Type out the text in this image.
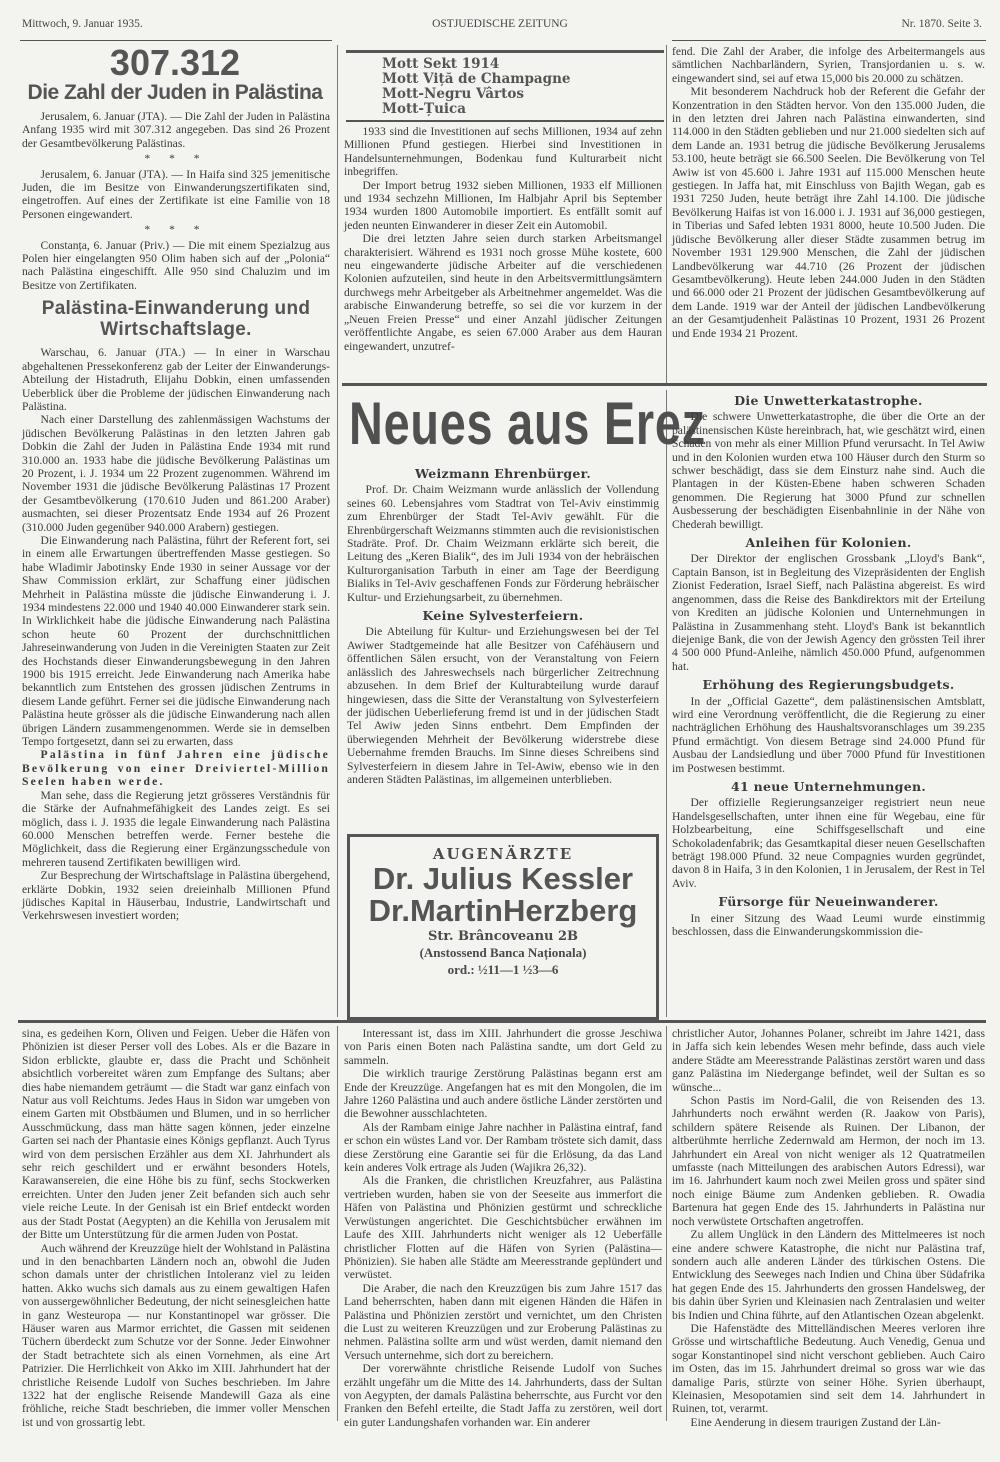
Mittwoch, 9. Januar 1935.	OSTJUEDISCHE ZEITUNG	Nr. 1870. Seite 3.
307.312
Die Zahl der Juden in Palästina
Jerusalem, 6. Januar (JTA). — Die Zahl der Juden in Palästina Anfang 1935 wird mit 307.312 angegeben. Das sind 26 Prozent der Gesamtbevölkerung Palästinas.
* * *
Jerusalem, 6. Januar (JTA). — In Haifa sind 325 jemenitische Juden, die im Besitze von Einwanderungszertifikaten sind, eingetroffen. Auf eines der Zertifikate ist eine Familie von 18 Personen eingewandert.
* * *
Constanța, 6. Januar (Priv.) — Die mit einem Spezialzug aus Polen hier eingelangten 950 Olim haben sich auf der „Polonia“ nach Palästina eingeschifft. Alle 950 sind Chaluzim und im Besitze von Zertifikaten.
Palästina-Einwanderung und Wirtschaftslage.
Warschau, 6. Januar (JTA.) — In einer in Warschau abgehaltenen Pressekonferenz gab der Leiter der Einwanderungs-Abteilung der Histadruth, Elijahu Dobkin, einen umfassenden Ueberblick über die Probleme der jüdischen Einwanderung nach Palästina.
Nach einer Darstellung des zahlenmässigen Wachstums der jüdischen Bevölkerung Palästinas in den letzten Jahren gab Dobkin die Zahl der Juden in Palästina Ende 1934 mit rund 310.000 an. 1933 habe die jüdische Bevölkerung Palästinas um 20 Prozent, i. J. 1934 um 22 Prozent zugenommen. Während im November 1931 die jüdische Bevölkerung Palästinas 17 Prozent der Gesamtbevölkerung (170.610 Juden und 861.200 Araber) ausmachten, sei dieser Prozentsatz Ende 1934 auf 26 Prozent (310.000 Juden gegenüber 940.000 Arabern) gestiegen.
Die Einwanderung nach Palästina, führt der Referent fort, sei in einem alle Erwartungen übertreffenden Masse gestiegen. So habe Wladimir Jabotinsky Ende 1930 in seiner Aussage vor der Shaw Commission erklärt, zur Schaffung einer jüdischen Mehrheit in Palästina müsste die jüdische Einwanderung i. J. 1934 mindestens 22.000 und 1940 40.000 Einwanderer stark sein. In Wirklichkeit habe die jüdische Einwanderung nach Palästina schon heute 60 Prozent der durchschnittlichen Jahreseinwanderung von Juden in die Vereinigten Staaten zur Zeit des Hochstands dieser Einwanderungsbewegung in den Jahren 1900 bis 1915 erreicht. Jede Einwanderung nach Amerika habe bekanntlich zum Entstehen des grossen jüdischen Zentrums in diesem Lande geführt. Ferner sei die jüdische Einwanderung nach Palästina heute grösser als die jüdische Einwanderung nach allen übrigen Ländern zusammengenommen. Werde sie in demselben Tempo fortgesetzt, dann sei zu erwarten, dass
Palästina in fünf Jahren eine jüdische Bevölkerung von einer Dreiviertel-Million Seelen haben werde.
Man sehe, dass die Regierung jetzt grösseres Verständnis für die Stärke der Aufnahmefähigkeit des Landes zeigt. Es sei möglich, dass i. J. 1935 die legale Einwanderung nach Palästina 60.000 Menschen betreffen werde. Ferner bestehe die Möglichkeit, dass die Regierung einer Ergänzungsschedule von mehreren tausend Zertifikaten bewilligen wird.
Zur Besprechung der Wirtschaftslage in Palästina übergehend, erklärte Dobkin, 1932 seien dreieinhalb Millionen Pfund jüdisches Kapital in Häuserbau, Industrie, Landwirtschaft und Verkehrswesen investiert worden;
Mott Sekt 1914
Mott Viță de Champagne
Mott-Negru Vârtos
Mott-Țuica
1933 sind die Investitionen auf sechs Millionen, 1934 auf zehn Millionen Pfund gestiegen. Hierbei sind Investitionen in Handelsunternehmungen, Bodenkau fund Kulturarbeit nicht inbegriffen.
Der Import betrug 1932 sieben Millionen, 1933 elf Millionen und 1934 sechzehn Millionen, Im Halbjahr April bis September 1934 wurden 1800 Automobile importiert. Es entfällt somit auf jeden neunten Einwanderer in dieser Zeit ein Automobil.
Die drei letzten Jahre seien durch starken Arbeitsmangel charakterisiert. Während es 1931 noch grosse Mühe kostete, 600 neu eingewanderte jüdische Arbeiter auf die verschiedenen Kolonien aufzuteilen, sind heute in den Arbeitsvermittlungsämtern durchwegs mehr Arbeitgeber als Arbeitnehmer angemeldet. Was die arabische Einwanderung betreffe, so sei die vor kurzem in der „Neuen Freien Presse“ und einer Anzahl jüdischer Zeitungen veröffentlichte Angabe, es seien 67.000 Araber aus dem Hauran eingewandert, unzutref-
fend. Die Zahl der Araber, die infolge des Arbeitermangels aus sämtlichen Nachbarländern, Syrien, Transjordanien u. s. w. eingewandert sind, sei auf etwa 15,000 bis 20.000 zu schätzen.
Mit besonderem Nachdruck hob der Referent die Gefahr der Konzentration in den Städten hervor. Von den 135.000 Juden, die in den letzten drei Jahren nach Palästina einwanderten, sind 114.000 in den Städten geblieben und nur 21.000 siedelten sich auf dem Lande an. 1931 betrug die jüdische Bevölkerung Jerusalems 53.100, heute beträgt sie 66.500 Seelen. Die Bevölkerung von Tel Awiw ist von 45.600 i. Jahre 1931 auf 115.000 Menschen heute gestiegen. In Jaffa hat, mit Einschluss von Bajith Wegan, gab es 1931 7250 Juden, heute beträgt ihre Zahl 14.100. Die jüdische Bevölkerung Haifas ist von 16.000 i. J. 1931 auf 36,000 gestiegen, in Tiberias und Safed lebten 1931 8000, heute 10.500 Juden. Die jüdische Bevölkerung aller dieser Städte zusammen betrug im November 1931 129.900 Menschen, die Zahl der jüdischen Landbevölkerung war 44.710 (26 Prozent der jüdischen Gesamtbevölkerung). Heute leben 244.000 Juden in den Städten und 66.000 oder 21 Prozent der jüdischen Gesamtbevölkerung auf dem Lande. 1919 war der Anteil der jüdischen Landbevölkerung an der Gesamtjudenheit Palästinas 10 Prozent, 1931 26 Prozent und Ende 1934 21 Prozent.
Neues aus Erez
Weizmann Ehrenbürger.
Prof. Dr. Chaim Weizmann wurde anlässlich der Vollendung seines 60. Lebensjahres vom Stadtrat von Tel-Aviv einstimmig zum Ehrenbürger der Stadt Tel-Aviv gewählt. Für die Ehrenbürgerschaft Weizmanns stimmten auch die revisionistischen Stadräte. Prof. Dr. Chaim Weizmann erklärte sich bereit, die Leitung des „Keren Bialik“, des im Juli 1934 von der hebräischen Kulturorganisation Tarbuth in einer am Tage der Beerdigung Bialiks in Tel-Aviv geschaffenen Fonds zur Förderung hebräischer Kultur- und Erziehungsarbeit, zu übernehmen.
Keine Sylvesterfeiern.
Die Abteilung für Kultur- und Erziehungswesen bei der Tel Awiwer Stadtgemeinde hat alle Besitzer von Caféhäusern und öffentlichen Sälen ersucht, von der Veranstaltung von Feiern anlässlich des Jahreswechsels nach bürgerlicher Zeitrechnung abzusehen. In dem Brief der Kulturabteilung wurde darauf hingewiesen, dass die Sitte der Veranstaltung von Sylvesterfeiern der jüdischen Ueberlieferung fremd ist und in der jüdischen Stadt Tel Awiw jeden Sinns entbehrt. Dem Empfinden der überwiegenden Mehrheit der Bevölkerung widerstrebe diese Uebernahme fremden Brauchs. Im Sinne dieses Schreibens sind Sylvesterfeiern in diesem Jahre in Tel-Awiw, ebenso wie in den anderen Städten Palästinas, im allgemeinen unterblieben.
AUGENÄRZTE
Dr. Julius Kessler
Dr.MartinHerzberg
Str. Brâncoveanu 2B
(Anstossend Banca Naționala)
ord.: ½11—1 ½3—6
Die Unwetterkatastrophe.
Die schwere Unwetterkatastrophe, die über die Orte an der palästinensischen Küste hereinbrach, hat, wie geschätzt wird, einen Schaden von mehr als einer Million Pfund verursacht. In Tel Awiw und in den Kolonien wurden etwa 100 Häuser durch den Sturm so schwer beschädigt, dass sie dem Einsturz nahe sind. Auch die Plantagen in der Küsten-Ebene haben schweren Schaden genommen. Die Regierung hat 3000 Pfund zur schnellen Ausbesserung der beschädigten Eisenbahnlinie in der Nähe von Chederah bewilligt.
Anleihen für Kolonien.
Der Direktor der englischen Grossbank „Lloyd's Bank“, Captain Banson, ist in Begleitung des Vizepräsidenten der English Zionist Federation, Israel Sieff, nach Palästina abgereist. Es wird angenommen, dass die Reise des Bankdirektors mit der Erteilung von Krediten an jüdische Kolonien und Unternehmungen in Palästina in Zusammenhang steht. Lloyd's Bank ist bekanntlich diejenige Bank, die von der Jewish Agency den grössten Teil ihrer 4 500 000 Pfund-Anleihe, nämlich 450.000 Pfund, aufgenommen hat.
Erhöhung des Regierungsbudgets.
In der „Official Gazette“, dem palästinensischen Amtsblatt, wird eine Verordnung veröffentlicht, die die Regierung zu einer nachträglichen Erhöhung des Haushaltsvoranschlages um 39.235 Pfund ermächtigt. Von diesem Betrage sind 24.000 Pfund für Ausbau der Landsiedlung und über 7000 Pfund für Investitionen im Postwesen bestimmt.
41 neue Unternehmungen.
Der offizielle Regierungsanzeiger registriert neun neue Handelsgesellschaften, unter ihnen eine für Wegebau, eine für Holzbearbeitung, eine Schiffsgesellschaft und eine Schokoladenfabrik; das Gesamtkapital dieser neuen Gesellschaften beträgt 198.000 Pfund. 32 neue Compagnies wurden gegründet, davon 8 in Haifa, 3 in den Kolonien, 1 in Jerusalem, der Rest in Tel Aviv.
Fürsorge für Neueinwanderer.
In einer Sitzung des Waad Leumi wurde einstimmig beschlossen, dass die Einwanderungskommission die-
sina, es gedeihen Korn, Oliven und Feigen. Ueber die Häfen von Phönizien ist dieser Perser voll des Lobes. Als er die Bazare in Sidon erblickte, glaubte er, dass die Pracht und Schönheit absichtlich vorbereitet wären zum Empfange des Sultans; aber dies habe niemandem geträumt — die Stadt war ganz einfach von Natur aus voll Reichtums. Jedes Haus in Sidon war umgeben von einem Garten mit Obstbäumen und Blumen, und in so herrlicher Ausschmückung, dass man hätte sagen können, jeder einzelne Garten sei nach der Phantasie eines Königs gepflanzt. Auch Tyrus wird von dem persischen Erzähler aus dem XI. Jahrhundert als sehr reich geschildert und er erwähnt besonders Hotels, Karawansereien, die eine Höhe bis zu fünf, sechs Stockwerken erreichten. Unter den Juden jener Zeit befanden sich auch sehr viele reiche Leute. In der Genisah ist ein Brief entdeckt worden aus der Stadt Postat (Aegypten) an die Kehilla von Jerusalem mit der Bitte um Unterstützung für die armen Juden von Postat.
Auch während der Kreuzzüge hielt der Wohlstand in Palästina und in den benachbarten Ländern noch an, obwohl die Juden schon damals unter der christlichen Intoleranz viel zu leiden hatten. Akko wuchs sich damals aus zu einem gewaltigen Hafen von aussergewöhnlicher Bedeutung, der nicht seinesgleichen hatte in ganz Westeuropa — nur Konstantinopel war grösser. Die Häuser waren aus Marmor errichtet, die Gassen mit seidenen Tüchern überdeckt zum Schutze vor der Sonne. Jeder Einwohner der Stadt betrachtete sich als einen Vornehmen, als eine Art Patrizier. Die Herrlichkeit von Akko im XIII. Jahrhundert hat der christliche Reisende Ludolf von Suches beschrieben. Im Jahre 1322 hat der englische Reisende Mandewill Gaza als eine fröhliche, reiche Stadt beschrieben, die immer voller Menschen ist und von grossartig lebt.
Interessant ist, dass im XIII. Jahrhundert die grosse Jeschiwa von Paris einen Boten nach Palästina sandte, um dort Geld zu sammeln.
Die wirklich traurige Zerstörung Palästinas begann erst am Ende der Kreuzzüge. Angefangen hat es mit den Mongolen, die im Jahre 1260 Palästina und auch andere östliche Länder zerstörten und die Bewohner ausschlachteten.
Als der Rambam einige Jahre nachher in Palästina eintraf, fand er schon ein wüstes Land vor. Der Rambam tröstete sich damit, dass diese Zerstörung eine Garantie sei für die Erlösung, da das Land kein anderes Volk ertrage als Juden (Wajikra 26,32).
Als die Franken, die christlichen Kreuzfahrer, aus Palästina vertrieben wurden, haben sie von der Seeseite aus immerfort die Häfen von Palästina und Phönizien gestürmt und schreckliche Verwüstungen angerichtet. Die Geschichtsbücher erwähnen im Laufe des XIII. Jahrhunderts nicht weniger als 12 Ueberfälle christlicher Flotten auf die Häfen von Syrien (Palästina—Phönizien). Sie haben alle Städte am Meeresstrande geplündert und verwüstet.
Die Araber, die nach den Kreuzzügen bis zum Jahre 1517 das Land beherrschten, haben dann mit eigenen Händen die Häfen in Palästina und Phönizien zerstört und vernichtet, um den Christen die Lust zu weiteren Kreuzzügen und zur Eroberung Palästinas zu nehmen. Palästina sollte arm und wüst werden, damit niemand den Versuch unternehme, sich dort zu bereichern.
Der vorerwähnte christliche Reisende Ludolf von Suches erzählt ungefähr um die Mitte des 14. Jahrhunderts, dass der Sultan von Aegypten, der damals Palästina beherrschte, aus Furcht vor den Franken den Befehl erteilte, die Stadt Jaffa zu zerstören, weil dort ein guter Landungshafen vorhanden war. Ein anderer
christlicher Autor, Johannes Polaner, schreibt im Jahre 1421, dass in Jaffa sich kein lebendes Wesen mehr befinde, dass auch viele andere Städte am Meeresstrande Palästinas zerstört waren und dass ganz Palästina im Niedergange befindet, weil der Sultan es so wünsche...
Schon Pastis im Nord-Galil, die von Reisenden des 13. Jahrhunderts noch erwähnt werden (R. Jaakow von Paris), schildern spätere Reisende als Ruinen. Der Libanon, der altberühmte herrliche Zedernwald am Hermon, der noch im 13. Jahrhundert ein Areal von nicht weniger als 12 Quatratmeilen umfasste (nach Mitteilungen des arabischen Autors Edressi), war im 16. Jahrhundert kaum noch zwei Meilen gross und später sind noch einige Bäume zum Andenken geblieben. R. Owadia Bartenura hat gegen Ende des 15. Jahrhunderts in Palästina nur noch verwüstete Ortschaften angetroffen.
Zu allem Unglück in den Ländern des Mittelmeeres ist noch eine andere schwere Katastrophe, die nicht nur Palästina traf, sondern auch alle anderen Länder des türkischen Ostens. Die Entwicklung des Seeweges nach Indien und China über Südafrika hat gegen Ende des 15. Jahrhunderts den grossen Handelsweg, der bis dahin über Syrien und Kleinasien nach Zentralasien und weiter bis Indien und China führte, auf den Atlantischen Ozean abgelenkt.
Die Hafenstädte des Mittelländischen Meeres verloren ihre Grösse und wirtschaftliche Bedeutung. Auch Venedig, Genua und sogar Konstantinopel sind nicht verschont geblieben. Auch Cairo im Osten, das im 15. Jahrhundert dreimal so gross war wie das damalige Paris, stürzte von seiner Höhe. Syrien überhaupt, Kleinasien, Mesopotamien sind seit dem 14. Jahrhundert in Ruinen, tot, verarmt.
Eine Aenderung in diesem traurigen Zustand der Län-
